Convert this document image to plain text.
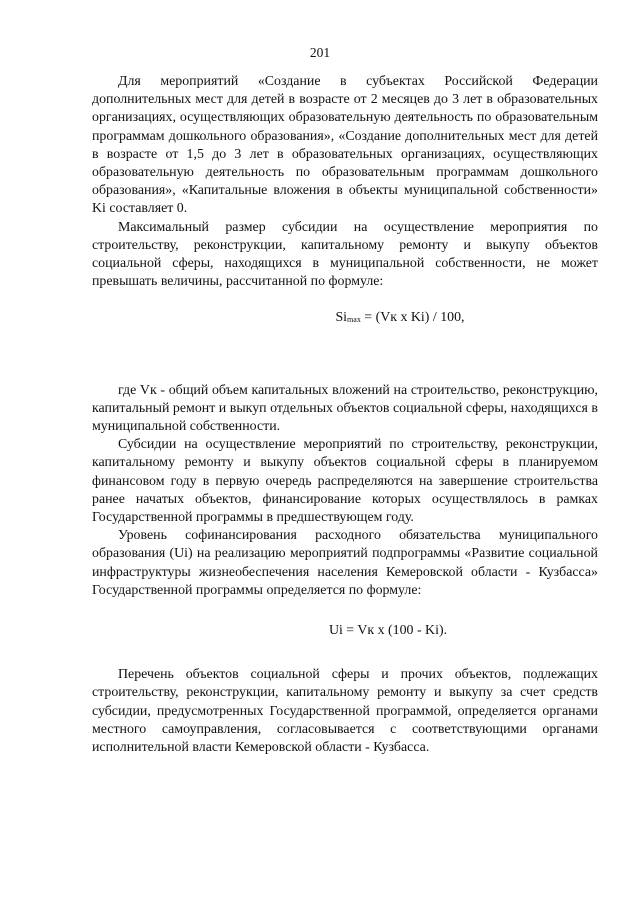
201

Для мероприятий «Создание в субъектах Российской Федерации дополнительных мест для детей в возрасте от 2 месяцев до 3 лет в образовательных организациях, осуществляющих образовательную деятельность по образовательным программам дошкольного образования», «Создание дополнительных мест для детей в возрасте от 1,5 до 3 лет в образовательных организациях, осуществляющих образовательную деятельность по образовательным программам дошкольного образования», «Капитальные вложения в объекты муниципальной собственности» Ki составляет 0.

Максимальный размер субсидии на осуществление мероприятия по строительству, реконструкции, капитальному ремонту и выкупу объектов социальной сферы, находящихся в муниципальной собственности, не может превышать величины, рассчитанной по формуле:

Simax = (Vк x Ki) / 100,

где Vк - общий объем капитальных вложений на строительство, реконструкцию, капитальный ремонт и выкуп отдельных объектов социальной сферы, находящихся в муниципальной собственности.

Субсидии на осуществление мероприятий по строительству, реконструкции, капитальному ремонту и выкупу объектов социальной сферы в планируемом финансовом году в первую очередь распределяются на завершение строительства ранее начатых объектов, финансирование которых осуществлялось в рамках Государственной программы в предшествующем году.

Уровень софинансирования расходного обязательства муниципального образования (Ui) на реализацию мероприятий подпрограммы «Развитие социальной инфраструктуры жизнеобеспечения населения Кемеровской области - Кузбасса» Государственной программы определяется по формуле:

Ui = Vк x (100 - Ki).

Перечень объектов социальной сферы и прочих объектов, подлежащих строительству, реконструкции, капитальному ремонту и выкупу за счет средств субсидии, предусмотренных Государственной программой, определяется органами местного самоуправления, согласовывается с соответствующими органами исполнительной власти Кемеровской области - Кузбасса.
